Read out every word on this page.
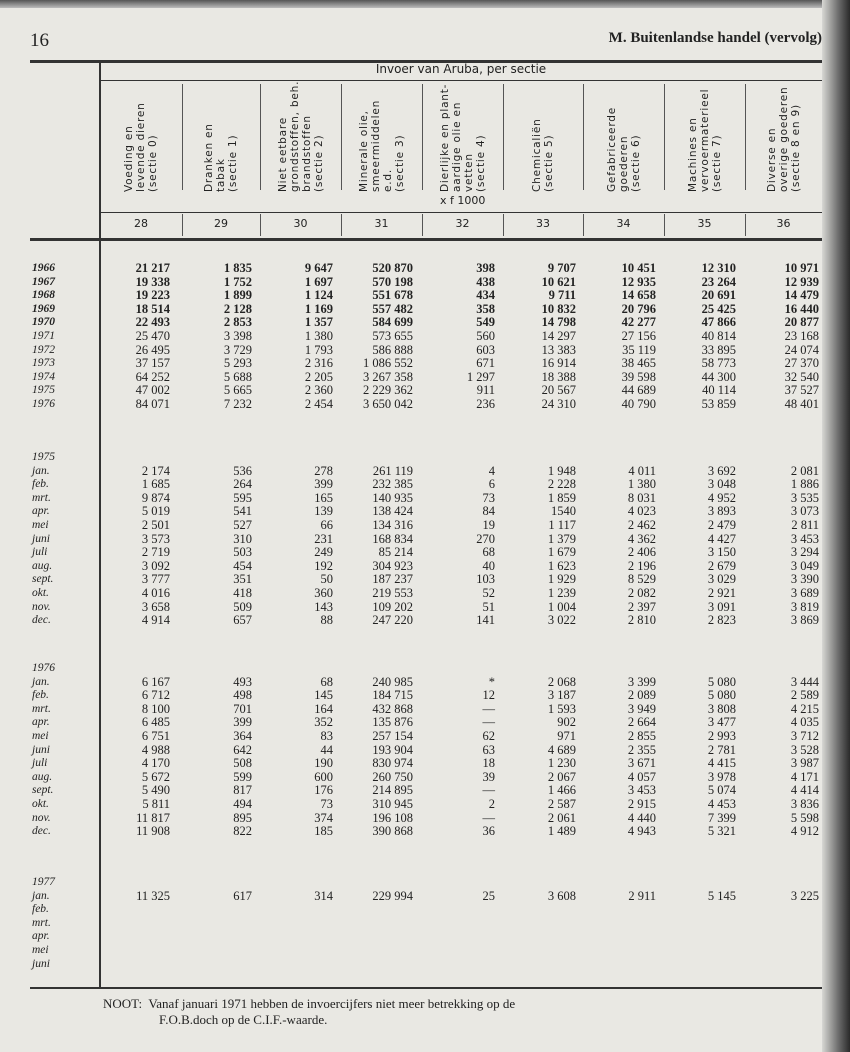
16	M. Buitenlandse handel (vervolg)
Invoer van Aruba, per sectie
x f 1000
Voeding en
levende dieren
(sectie 0)
28
Dranken en
tabak
(sectie 1)
29
Niet eetbare
grondstoffen, beh.
brandstoffen
(sectie 2)
30
Minerale olie,
smeermiddelen
e.d.
(sectie 3)
31
Dierlijke en plant-
aardige olie en
vetten
(sectie 4)
32
Chemicaliën
(sectie 5)
33
Gefabriceerde
goederen
(sectie 6)
34
Machines en
vervoermaterieel
(sectie 7)
35
Diverse en
overige goederen
(sectie 8 en 9)
36
1966	21 217	1 835	9 647	520 870	398	9 707	10 451	12 310	10 971
1967	19 338	1 752	1 697	570 198	438	10 621	12 935	23 264	12 939
1968	19 223	1 899	1 124	551 678	434	9 711	14 658	20 691	14 479
1969	18 514	2 128	1 169	557 482	358	10 832	20 796	25 425	16 440
1970	22 493	2 853	1 357	584 699	549	14 798	42 277	47 866	20 877
1971	25 470	3 398	1 380	573 655	560	14 297	27 156	40 814	23 168
1972	26 495	3 729	1 793	586 888	603	13 383	35 119	33 895	24 074
1973	37 157	5 293	2 316	1 086 552	671	16 914	38 465	58 773	27 370
1974	64 252	5 688	2 205	3 267 358	1 297	18 388	39 598	44 300	32 540
1975	47 002	5 665	2 360	2 229 362	911	20 567	44 689	40 114	37 527
1976	84 071	7 232	2 454	3 650 042	236	24 310	40 790	53 859	48 401
1975
jan.	2 174	536	278	261 119	4	1 948	4 011	3 692	2 081
feb.	1 685	264	399	232 385	6	2 228	1 380	3 048	1 886
mrt.	9 874	595	165	140 935	73	1 859	8 031	4 952	3 535
apr.	5 019	541	139	138 424	84	1540	4 023	3 893	3 073
mei	2 501	527	66	134 316	19	1 117	2 462	2 479	2 811
juni	3 573	310	231	168 834	270	1 379	4 362	4 427	3 453
juli	2 719	503	249	85 214	68	1 679	2 406	3 150	3 294
aug.	3 092	454	192	304 923	40	1 623	2 196	2 679	3 049
sept.	3 777	351	50	187 237	103	1 929	8 529	3 029	3 390
okt.	4 016	418	360	219 553	52	1 239	2 082	2 921	3 689
nov.	3 658	509	143	109 202	51	1 004	2 397	3 091	3 819
dec.	4 914	657	88	247 220	141	3 022	2 810	2 823	3 869
1976
jan.	6 167	493	68	240 985	*	2 068	3 399	5 080	3 444
feb.	6 712	498	145	184 715	12	3 187	2 089	5 080	2 589
mrt.	8 100	701	164	432 868	—	1 593	3 949	3 808	4 215
apr.	6 485	399	352	135 876	—	902	2 664	3 477	4 035
mei	6 751	364	83	257 154	62	971	2 855	2 993	3 712
juni	4 988	642	44	193 904	63	4 689	2 355	2 781	3 528
juli	4 170	508	190	830 974	18	1 230	3 671	4 415	3 987
aug.	5 672	599	600	260 750	39	2 067	4 057	3 978	4 171
sept.	5 490	817	176	214 895	—	1 466	3 453	5 074	4 414
okt.	5 811	494	73	310 945	2	2 587	2 915	4 453	3 836
nov.	11 817	895	374	196 108	—	2 061	4 440	7 399	5 598
dec.	11 908	822	185	390 868	36	1 489	4 943	5 321	4 912
1977
jan.	11 325	617	314	229 994	25	3 608	2 911	5 145	3 225
feb.
mrt.
apr.
mei
juni
NOOT:  Vanaf januari 1971 hebben de invoercijfers niet meer betrekking op de
F.O.B.doch op de C.I.F.-waarde.
